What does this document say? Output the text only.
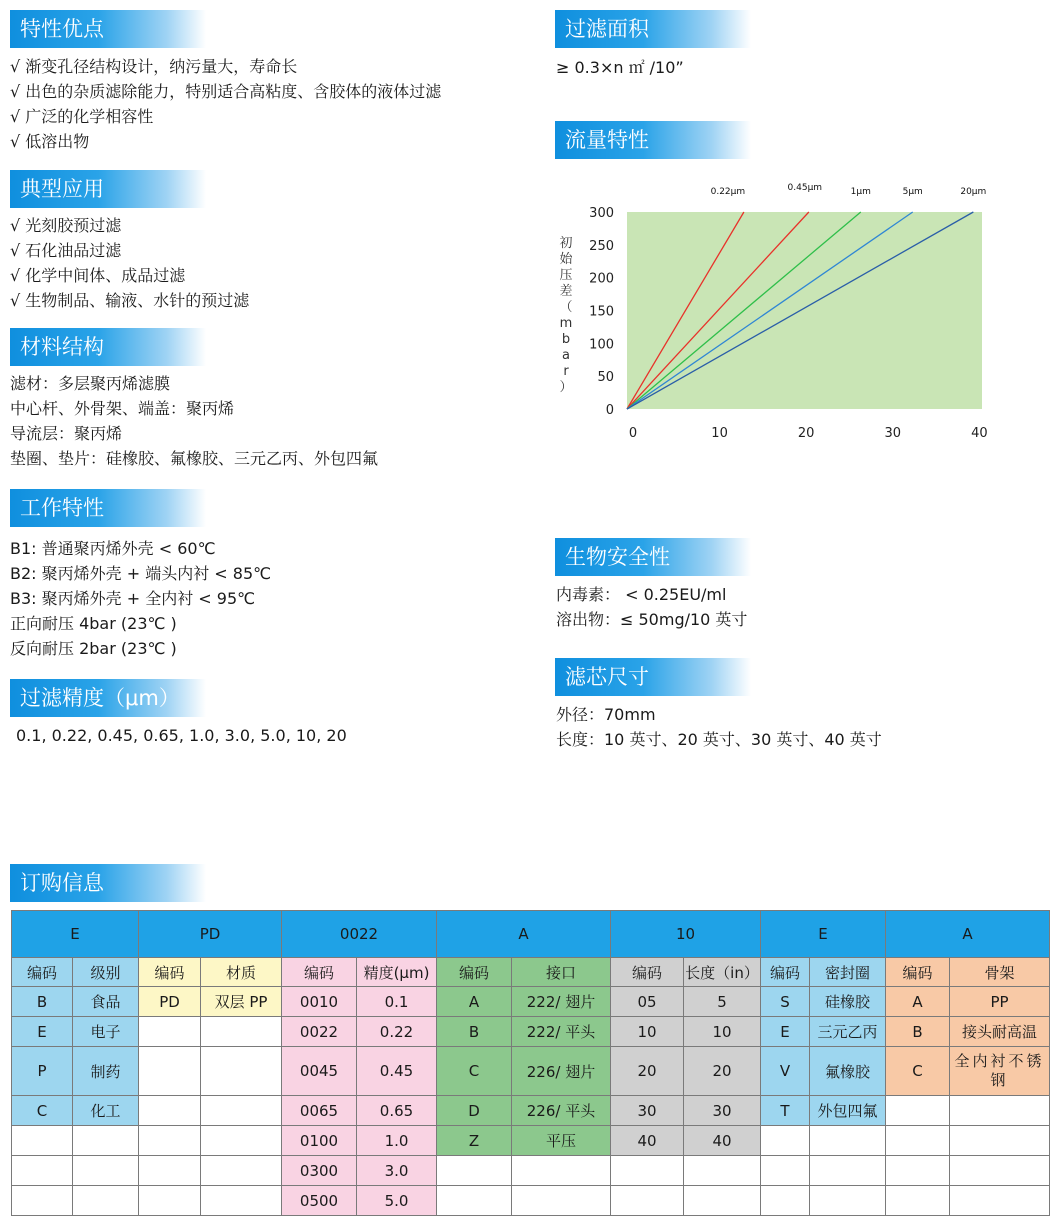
特性优点
√ 渐变孔径结构设计，纳污量大，寿命长
√ 出色的杂质滤除能力，特别适合高粘度、含胶体的液体过滤
√ 广泛的化学相容性
√ 低溶出物
典型应用
√ 光刻胶预过滤
√ 石化油品过滤
√ 化学中间体、成品过滤
√ 生物制品、输液、水针的预过滤
材料结构
滤材：多层聚丙烯滤膜
中心杆、外骨架、端盖：聚丙烯
导流层：聚丙烯
垫圈、垫片：硅橡胶、氟橡胶、三元乙丙、外包四氟
工作特性
B1: 普通聚丙烯外壳 < 60℃
B2: 聚丙烯外壳 + 端头内衬 < 85℃
B3: 聚丙烯外壳 + 全内衬 < 95℃
正向耐压 4bar (23℃ )
反向耐压 2bar (23℃ )
过滤精度（μm）
0.1, 0.22, 0.45, 0.65, 1.0, 3.0, 5.0, 10, 20
过滤面积
≥ 0.3×n ㎡ /10”
流量特性
初
始
压
差
（
m
b
a
r
）
0
50
100
150
200
250
300
0	10	20	30	40
0.22μm	0.45μm	1μm	5μm	20μm
生物安全性
内毒素： < 0.25EU/ml
溶出物：≤ 50mg/10 英寸
滤芯尺寸
外径：70mm
长度：10 英寸、20 英寸、30 英寸、40 英寸
订购信息
E		PD		0022		A		10		E		A	
编码	级别	编码	材质	编码	精度(μm)	编码	接口	编码	长度（in）	编码	密封圈	编码	骨架
B	食品	PD	双层 PP	0010	0.1	A	222/ 翅片	05	5	S	硅橡胶	A	PP
E	电子			0022	0.22	B	222/ 平头	10	10	E	三元乙丙	B	接头耐高温
P	制药			0045	0.45	C	226/ 翅片	20	20	V	氟橡胶	C	全内衬不锈钢
C	化工			0065	0.65	D	226/ 平头	30	30	T	外包四氟		
				0100	1.0	Z	平压	40	40				
				0300	3.0								
				0500	5.0								
